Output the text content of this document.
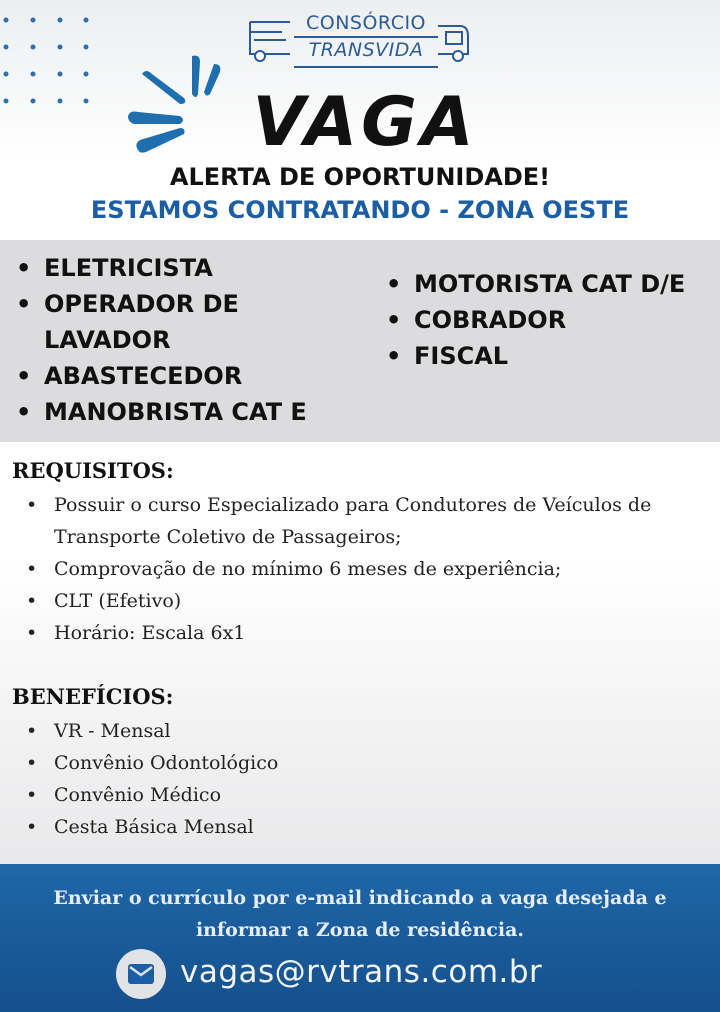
CONSÓRCIO
TRANSVIDA
VAGA
ALERTA DE OPORTUNIDADE!
ESTAMOS CONTRATANDO - ZONA OESTE
• ELETRICISTA
• OPERADOR DE LAVADOR
• ABASTECEDOR
• MANOBRISTA CAT E
• MOTORISTA CAT D/E
• COBRADOR
• FISCAL
REQUISITOS:
• Possuir o curso Especializado para Condutores de Veículos de Transporte Coletivo de Passageiros;
• Comprovação de no mínimo 6 meses de experiência;
• CLT (Efetivo)
• Horário: Escala 6x1
BENEFÍCIOS:
• VR - Mensal
• Convênio Odontológico
• Convênio Médico
• Cesta Básica Mensal
Enviar o currículo por e-mail indicando a vaga desejada e informar a Zona de residência.
vagas@rvtrans.com.br
